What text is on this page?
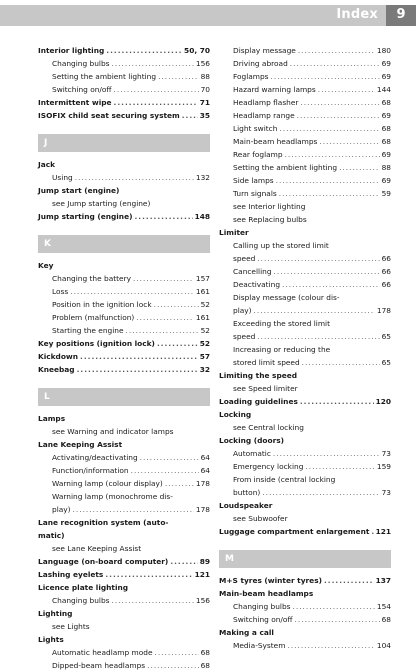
Index	9
Interior lighting .....	50, 70
Changing bulbs .....	156
Setting the ambient lighting .....	88
Switching on/off .....	70
Intermittent wipe .....	71
ISOFIX child seat securing system .....	35
J
Jack
Using .....	132
Jump start (engine)
see Jump starting (engine)
Jump starting (engine) .....	148
K
Key
Changing the battery .....	157
Loss .....	161
Position in the ignition lock .....	52
Problem (malfunction) .....	161
Starting the engine .....	52
Key positions (ignition lock) .....	52
Kickdown .....	57
Kneebag .....	32
L
Lamps
see Warning and indicator lamps
Lane Keeping Assist
Activating/deactivating .....	64
Function/information .....	64
Warning lamp (colour display) .....	178
Warning lamp (monochrome dis-
play) .....	178
Lane recognition system (auto-
matic)
see Lane Keeping Assist
Language (on-board computer) .....	89
Lashing eyelets .....	121
Licence plate lighting
Changing bulbs .....	156
Lighting
see Lights
Lights
Automatic headlamp mode .....	68
Dipped-beam headlamps .....	68
Display message .....	180
Driving abroad .....	69
Foglamps .....	69
Hazard warning lamps .....	144
Headlamp flasher .....	68
Headlamp range .....	69
Light switch .....	68
Main-beam headlamps .....	68
Rear foglamp .....	69
Setting the ambient lighting .....	88
Side lamps .....	69
Turn signals .....	59
see Interior lighting
see Replacing bulbs
Limiter
Calling up the stored limit
speed .....	66
Cancelling .....	66
Deactivating .....	66
Display message (colour dis-
play) .....	178
Exceeding the stored limit
speed .....	65
Increasing or reducing the
stored limit speed .....	65
Limiting the speed
see Speed limiter
Loading guidelines .....	120
Locking
see Central locking
Locking (doors)
Automatic .....	73
Emergency locking .....	159
From inside (central locking
button) .....	73
Loudspeaker
see Subwoofer
Luggage compartment enlargement ..... 121
M
M+S tyres (winter tyres) .....	137
Main-beam headlamps
Changing bulbs .....	154
Switching on/off .....	68
Making a call
Media-System .....	104
